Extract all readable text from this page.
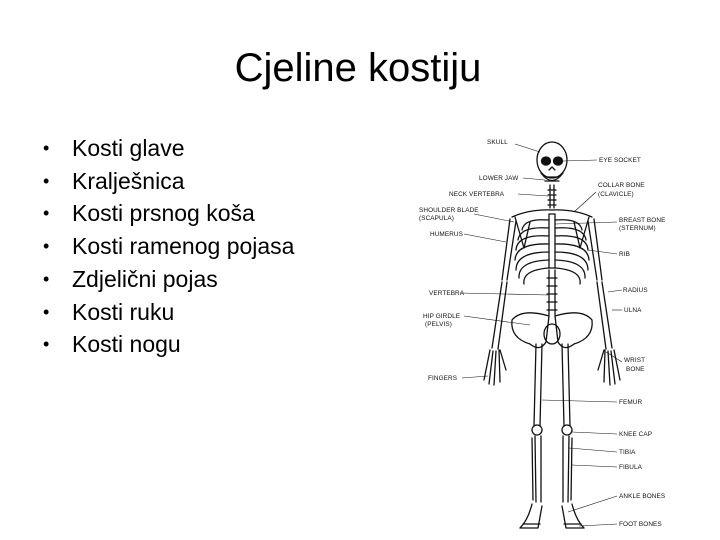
Cjeline kostiju
• Kosti glave
• Kralješnica
• Kosti prsnog koša
• Kosti ramenog pojasa
• Zdjelični pojas
• Kosti ruku
• Kosti nogu
SKULL
EYE SOCKET
LOWER JAW
NECK VERTEBRA
COLLAR BONE
(CLAVICLE)
SHOULDER BLADE
(SCAPULA)	BREAST BONE
(STERNUM)
HUMERUS
RIB
VERTEBRA	RADIUS
HIP GIRDLE
(PELVIS)
ULNA
WRIST
BONE
FINGERS
FEMUR
KNEE CAP
TIBIA
FIBULA
ANKLE BONES
FOOT BONES
